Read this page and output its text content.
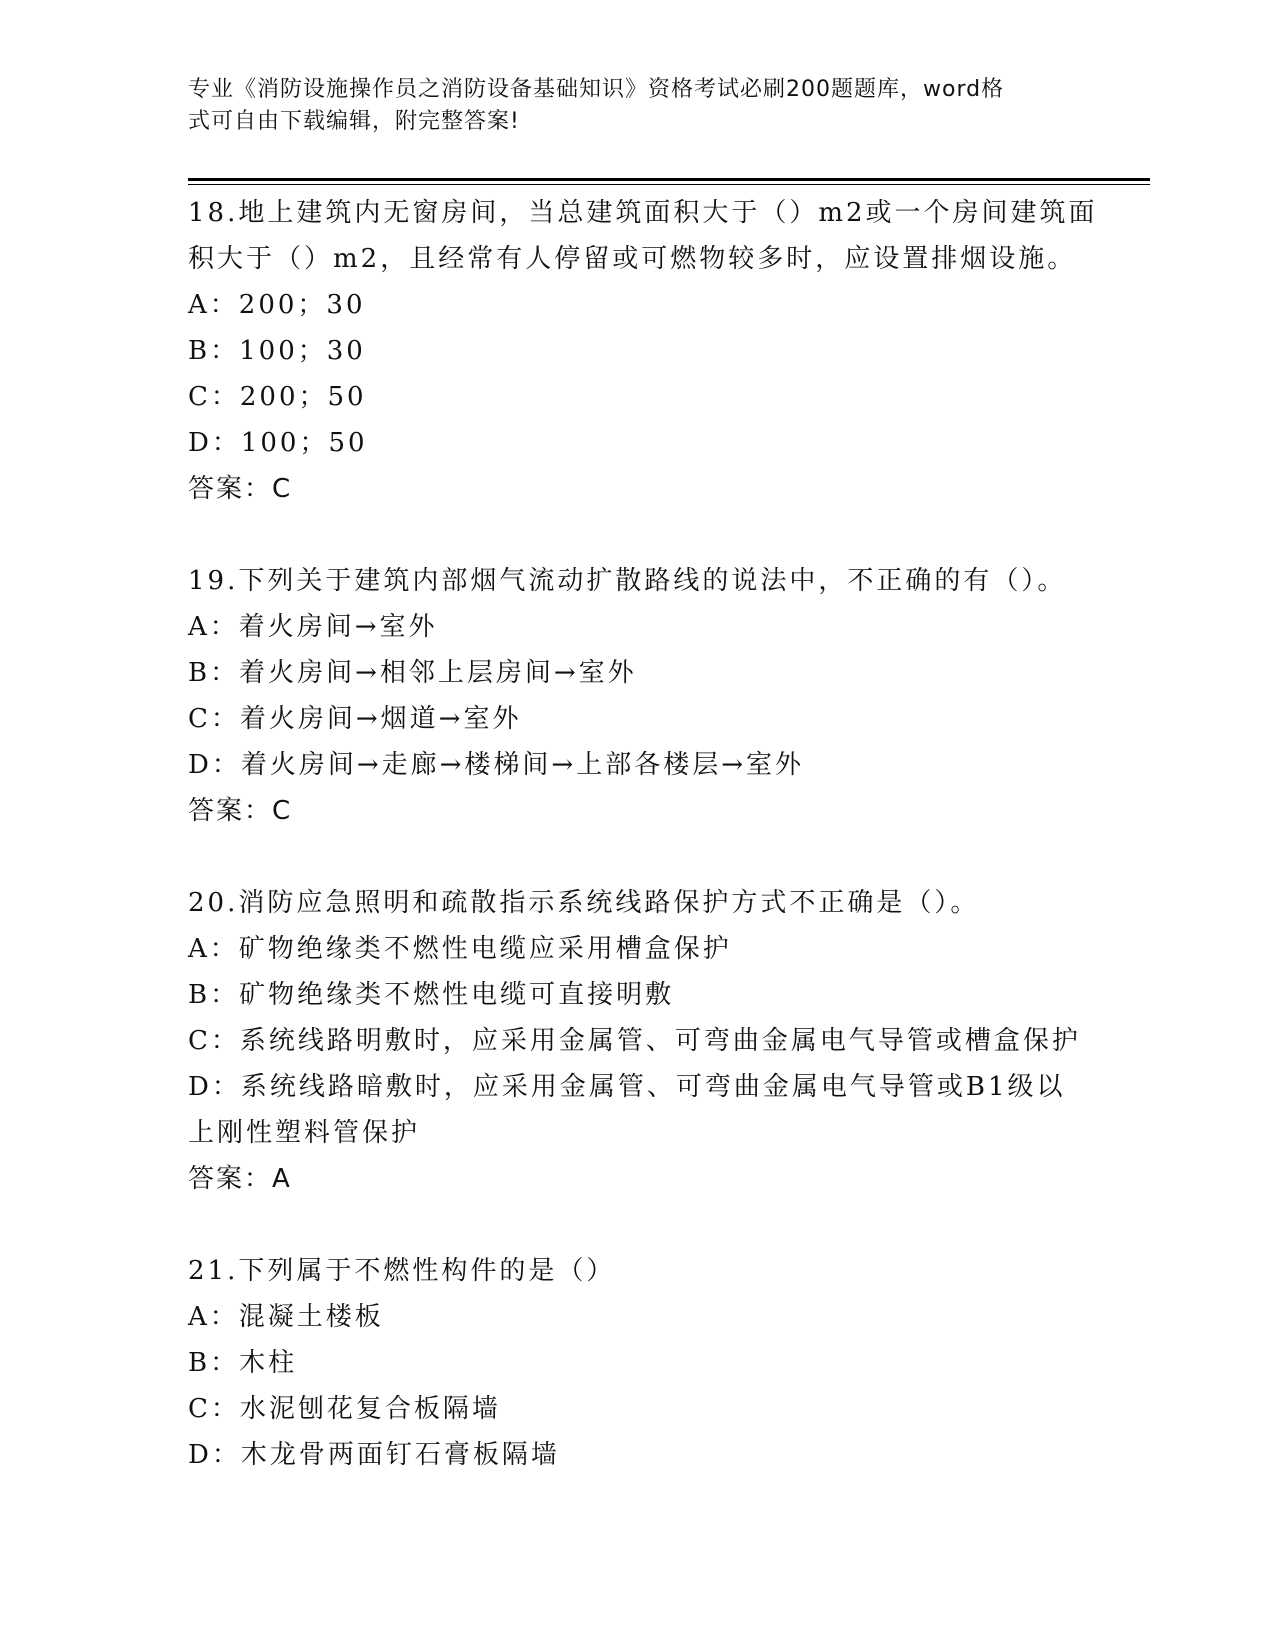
专业《消防设施操作员之消防设备基础知识》资格考试必刷200题题库，word格
式可自由下载编辑，附完整答案!
18.地上建筑内无窗房间，当总建筑面积大于（）m2或一个房间建筑面
积大于（）m2，且经常有人停留或可燃物较多时，应设置排烟设施。
A：200；30
B：100；30
C：200；50
D：100；50
答案：C
19.下列关于建筑内部烟气流动扩散路线的说法中，不正确的有（）。
A：着火房间→室外
B：着火房间→相邻上层房间→室外
C：着火房间→烟道→室外
D：着火房间→走廊→楼梯间→上部各楼层→室外
答案：C
20.消防应急照明和疏散指示系统线路保护方式不正确是（）。
A：矿物绝缘类不燃性电缆应采用槽盒保护
B：矿物绝缘类不燃性电缆可直接明敷
C：系统线路明敷时，应采用金属管、可弯曲金属电气导管或槽盒保护
D：系统线路暗敷时，应采用金属管、可弯曲金属电气导管或B1级以
上刚性塑料管保护
答案：A
21.下列属于不燃性构件的是（）
A：混凝土楼板
B：木柱
C：水泥刨花复合板隔墙
D：木龙骨两面钉石膏板隔墙
